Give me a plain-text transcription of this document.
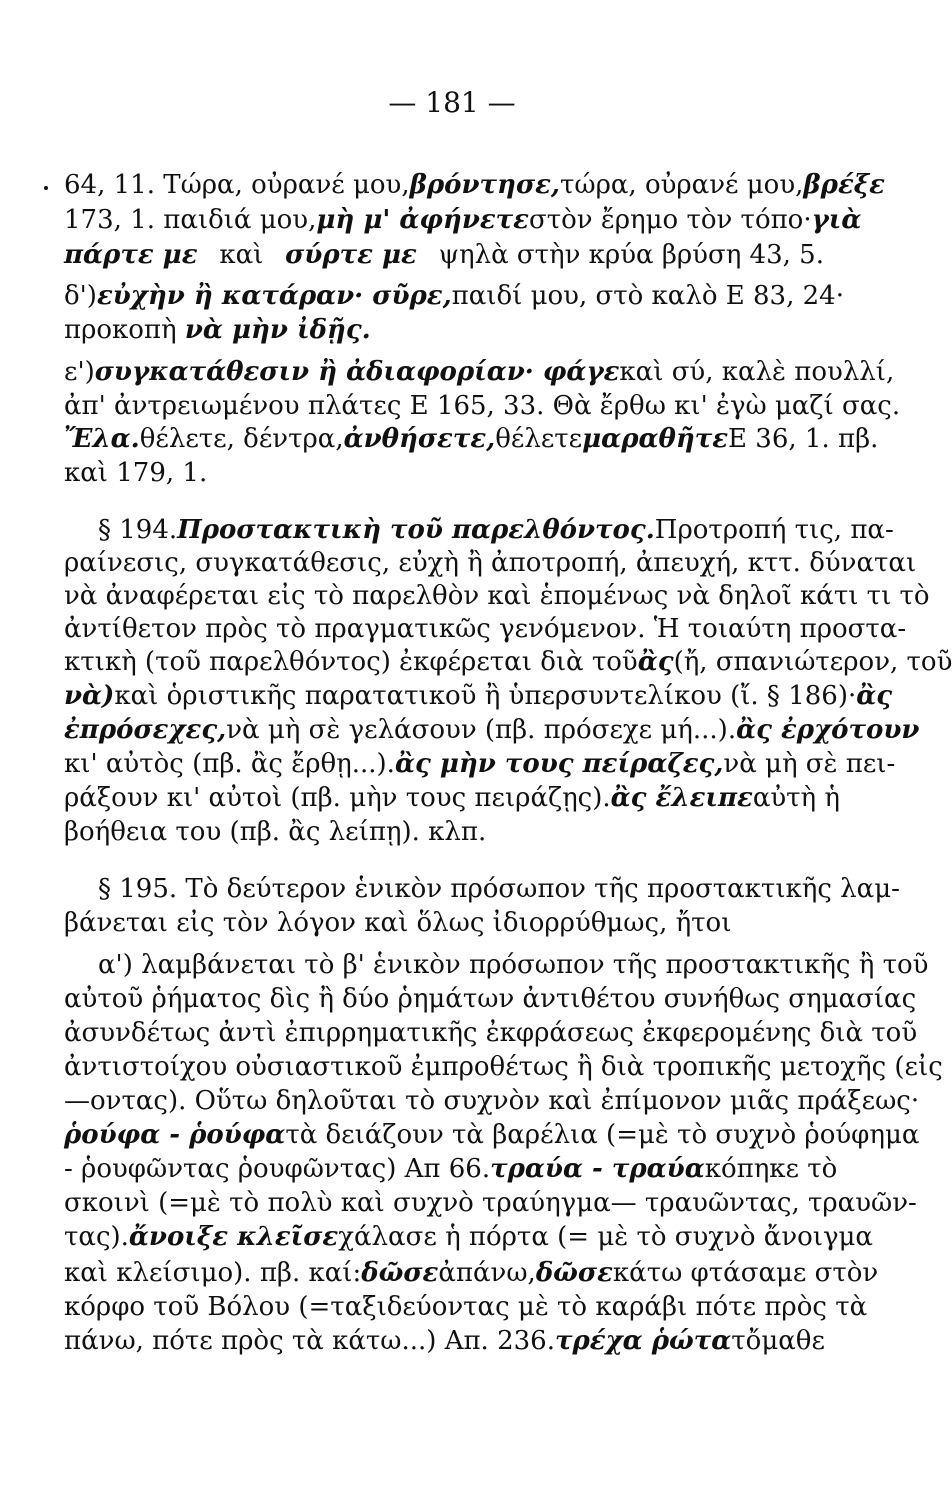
— 181 —
64, 11. Τώρα, οὐρανέ μου, βρόντησε, τώρα, οὐρανέ μου, βρέξε
173, 1. παιδιά μου, μὴ μ' ἀφήνετε στὸν ἔρημο τὸν τόπο· γιὰ
πάρτε με καὶ σύρτε με ψηλὰ στὴν κρύα βρύση 43, 5.
δ') εὐχὴν ἢ κατάραν· σῦρε, παιδί μου, στὸ καλὸ Ε 83, 24·
προκοπὴ νὰ μὴν ἰδῇς.
ε') συγκατάθεσιν ἢ ἀδιαφορίαν· φάγε καὶ σύ, καλὲ πουλλί,
ἀπ' ἀντρειωμένου πλάτες Ε 165, 33. Θὰ ἔρθω κι' ἐγὼ μαζί σας.
Ἔλα. θέλετε, δέντρα, ἀνθήσετε, θέλετε μαραθῆτε Ε 36, 1. πβ.
καὶ 179, 1.
§ 194. Προστακτικὴ τοῦ παρελθόντος. Προτροπή τις, πα-
ραίνεσις, συγκατάθεσις, εὐχὴ ἢ ἀποτροπή, ἀπευχή, κττ. δύναται
νὰ ἀναφέρεται εἰς τὸ παρελθὸν καὶ ἑπομένως νὰ δηλοῖ κάτι τι τὸ
ἀντίθετον πρὸς τὸ πραγματικῶς γενόμενον. Ἡ τοιαύτη προστα-
κτικὴ (τοῦ παρελθόντος) ἐκφέρεται διὰ τοῦ ἂς (ἤ, σπανιώτερον, τοῦ
νὰ) καὶ ὁριστικῆς παρατατικοῦ ἢ ὑπερσυντελίκου (ἴ. § 186)· ἂς
ἐπρόσεχες, νὰ μὴ σὲ γελάσουν (πβ. πρόσεχε μή...). ἂς ἐρχότουν
κι' αὐτὸς (πβ. ἂς ἔρθῃ...). ἂς μὴν τους πείραζες, νὰ μὴ σὲ πει-
ράξουν κι' αὐτοὶ (πβ. μὴν τους πειράζῃς). ἂς ἔλειπε αὐτὴ ἡ
βοήθεια του (πβ. ἂς λείπῃ). κλπ.
§ 195. Τὸ δεύτερον ἑνικὸν πρόσωπον τῆς προστακτικῆς λαμ-
βάνεται εἰς τὸν λόγον καὶ ὅλως ἰδιορρύθμως, ἤτοι
α') λαμβάνεται τὸ β' ἑνικὸν πρόσωπον τῆς προστακτικῆς ἢ τοῦ
αὐτοῦ ῥήματος δὶς ἢ δύο ῥημάτων ἀντιθέτου συνήθως σημασίας
ἀσυνδέτως ἀντὶ ἐπιρρηματικῆς ἐκφράσεως ἐκφερομένης διὰ τοῦ
ἀντιστοίχου οὐσιαστικοῦ ἐμπροθέτως ἢ διὰ τροπικῆς μετοχῆς (εἰς
—οντας). Οὕτω δηλοῦται τὸ συχνὸν καὶ ἐπίμονον μιᾶς πράξεως·
ῥούφα - ῥούφα τὰ δειάζουν τὰ βαρέλια (=μὲ τὸ συχνὸ ῥούφημα
- ῥουφῶντας ῥουφῶντας) Απ 66. τραύα - τραύα κόπηκε τὸ
σκοινὶ (=μὲ τὸ πολὺ καὶ συχνὸ τραύηγμα— τραυῶντας, τραυῶν-
τας). ἄνοιξε κλεῖσε χάλασε ἡ πόρτα (= μὲ τὸ συχνὸ ἄνοιγμα
καὶ κλείσιμο). πβ. καί: δῶσε ἀπάνω, δῶσε κάτω φτάσαμε στὸν
κόρφο τοῦ Βόλου (=ταξιδεύοντας μὲ τὸ καράβι πότε πρὸς τὰ
πάνω, πότε πρὸς τὰ κάτω...) Απ. 236. τρέχα ῥώτα τὄμαθε
